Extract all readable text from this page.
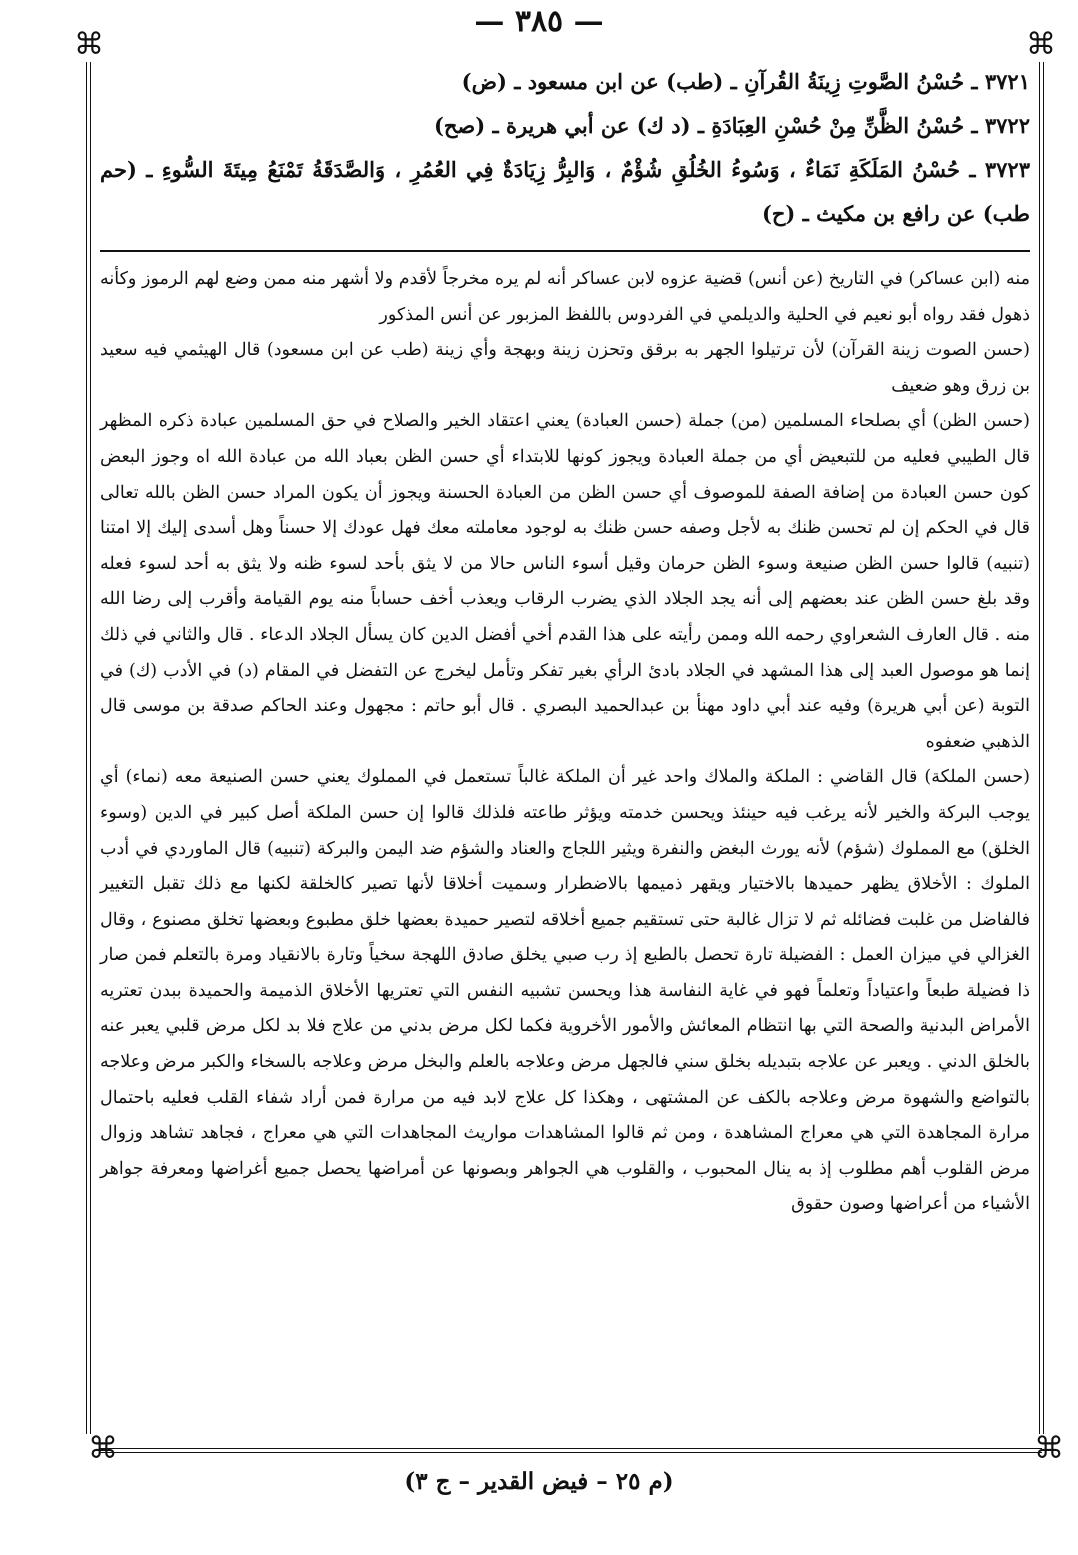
— ٣٨٥ —
⌘	⌘
⌘	⌘

٣٧٢١ ـ حُسْنُ الصَّوتِ زِينَةُ القُرآنِ ـ (طب) عن ابن مسعود ـ (ض)

٣٧٢٢ ـ حُسْنُ الظَّنِّ مِنْ حُسْنِ العِبَادَةِ ـ (د ك) عن أبي هريرة ـ (صح)

٣٧٢٣ ـ حُسْنُ المَلَكَةِ نَمَاءٌ ، وَسُوءُ الخُلُقِ شُؤْمٌ ، وَالبِرُّ زِيَادَةٌ فِي العُمُرِ ، وَالصَّدَقَةُ تَمْنَعُ مِيتَةَ السُّوءِ ـ (حم طب) عن رافع بن مكيث ـ (ح)

منه (ابن عساكر) في التاريخ (عن أنس) قضية عزوه لابن عساكر أنه لم يره مخرجاً لأقدم ولا أشهر منه ممن وضع لهم الرموز وكأنه ذهول فقد رواه أبو نعيم في الحلية والديلمي في الفردوس باللفظ المزبور عن أنس المذكور

(حسن الصوت زينة القرآن) لأن ترتيلوا الجهر به برقق وتحزن زينة وبهجة وأي زينة (طب عن ابن مسعود) قال الهيثمي فيه سعيد بن زرق وهو ضعيف

(حسن الظن) أي بصلحاء المسلمين (من) جملة (حسن العبادة) يعني اعتقاد الخير والصلاح في حق المسلمين عبادة ذكره المظهر قال الطيبي فعليه من للتبعيض أي من جملة العبادة ويجوز كونها للابتداء أي حسن الظن بعباد الله من عبادة الله اه وجوز البعض كون حسن العبادة من إضافة الصفة للموصوف أي حسن الظن من العبادة الحسنة ويجوز أن يكون المراد حسن الظن بالله تعالى قال في الحكم إن لم تحسن ظنك به لأجل وصفه حسن ظنك به لوجود معاملته معك فهل عودك إلا حسناً وهل أسدى إليك إلا امتنا (تنبيه) قالوا حسن الظن صنيعة وسوء الظن حرمان وقيل أسوء الناس حالا من لا يثق بأحد لسوء ظنه ولا يثق به أحد لسوء فعله وقد بلغ حسن الظن عند بعضهم إلى أنه يجد الجلاد الذي يضرب الرقاب ويعذب أخف حساباً منه يوم القيامة وأقرب إلى رضا الله منه . قال العارف الشعراوي رحمه الله وممن رأيته على هذا القدم أخي أفضل الدين كان يسأل الجلاد الدعاء . قال والثاني في ذلك إنما هو موصول العبد إلى هذا المشهد في الجلاد بادئ الرأي بغير تفكر وتأمل ليخرج عن التفضل في المقام (د) في الأدب (ك) في التوبة (عن أبي هريرة) وفيه عند أبي داود مهنأ بن عبدالحميد البصري . قال أبو حاتم : مجهول وعند الحاكم صدقة بن موسى قال الذهبي ضعفوه

(حسن الملكة) قال القاضي : الملكة والملاك واحد غير أن الملكة غالباً تستعمل في المملوك يعني حسن الصنيعة معه (نماء) أي يوجب البركة والخير لأنه يرغب فيه حينئذ ويحسن خدمته ويؤثر طاعته فلذلك قالوا إن حسن الملكة أصل كبير في الدين (وسوء الخلق) مع المملوك (شؤم) لأنه يورث البغض والنفرة ويثير اللجاج والعناد والشؤم ضد اليمن والبركة (تنبيه) قال الماوردي في أدب الملوك : الأخلاق يظهر حميدها بالاختيار ويقهر ذميمها بالاضطرار وسميت أخلاقا لأنها تصير كالخلقة لكنها مع ذلك تقبل التغيير فالفاضل من غلبت فضائله ثم لا تزال غالبة حتى تستقيم جميع أخلاقه لتصير حميدة بعضها خلق مطبوع وبعضها تخلق مصنوع ، وقال الغزالي في ميزان العمل : الفضيلة تارة تحصل بالطبع إذ رب صبي يخلق صادق اللهجة سخياً وتارة بالانقياد ومرة بالتعلم فمن صار ذا فضيلة طبعاً واعتياداً وتعلماً فهو في غاية النفاسة هذا ويحسن تشبيه النفس التي تعتريها الأخلاق الذميمة والحميدة ببدن تعتريه الأمراض البدنية والصحة التي بها انتظام المعائش والأمور الأخروية فكما لكل مرض بدني من علاج فلا بد لكل مرض قلبي يعبر عنه بالخلق الدني . ويعبر عن علاجه بتبديله بخلق سني فالجهل مرض وعلاجه بالعلم والبخل مرض وعلاجه بالسخاء والكبر مرض وعلاجه بالتواضع والشهوة مرض وعلاجه بالكف عن المشتهى ، وهكذا كل علاج لابد فيه من مرارة فمن أراد شفاء القلب فعليه باحتمال مرارة المجاهدة التي هي معراج المشاهدة ، ومن ثم قالوا المشاهدات مواريث المجاهدات التي هي معراج ، فجاهد تشاهد وزوال مرض القلوب أهم مطلوب إذ به ينال المحبوب ، والقلوب هي الجواهر وبصونها عن أمراضها يحصل جميع أغراضها ومعرفة جواهر الأشياء من أعراضها وصون حقوق

(م ٢٥ – فيض القدير – ج ٣)
